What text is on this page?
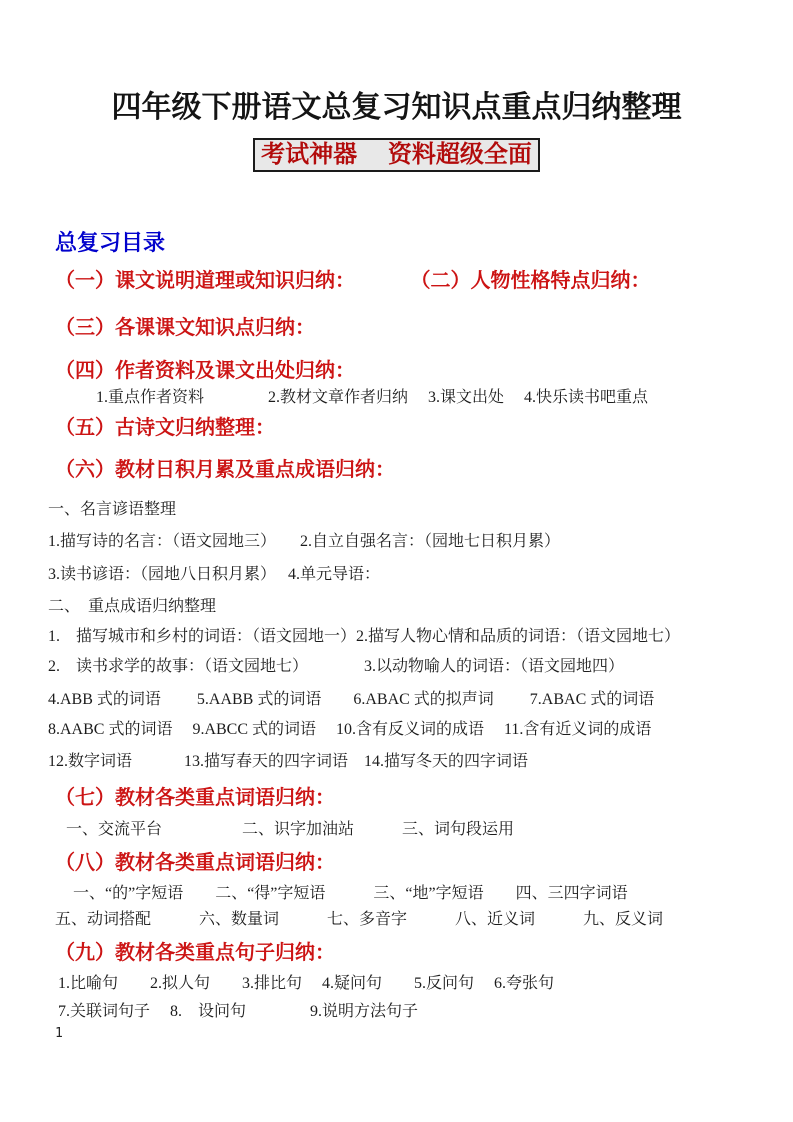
四年级下册语文总复习知识点重点归纳整理
考试神器　 资料超级全面
总复习目录
（一）课文说明道理或知识归纳：　　　 （二）人物性格特点归纳：
（三）各课课文知识点归纳：
（四）作者资料及课文出处归纳：
1.重点作者资料　　　　2.教材文章作者归纳　 3.课文出处　 4.快乐读书吧重点
（五）古诗文归纳整理：
（六）教材日积月累及重点成语归纳：
一、名言谚语整理
1.描写诗的名言：（语文园地三）　　2.自立自强名言：（园地七日积月累）
3.读书谚语：（园地八日积月累）　 4.单元导语：
二、　重点成语归纳整理
1.　描写城市和乡村的词语：（语文园地一）2.描写人物心情和品质的词语：（语文园地七）
2.　读书求学的故事：（语文园地七）　　　　3.以动物喻人的词语：（语文园地四）
4.ABB 式的词语　　 5.AABB 式的词语　　6.ABAC 式的拟声词　　 7.ABAC 式的词语
8.AABC 式的词语　 9.ABCC 式的词语　 10.含有反义词的成语　 11.含有近义词的成语
12.数字词语　　　 13.描写春天的四字词语　14.描写冬天的四字词语
（七）教材各类重点词语归纳：
一、交流平台　　　　　二、识字加油站　　　三、词句段运用
（八）教材各类重点词语归纳：
一、“的”字短语　　二、“得”字短语　　　三、“地”字短语　　四、三四字词语
五、动词搭配　　　六、数量词　　　七、多音字　　　八、近义词　　　九、反义词
（九）教材各类重点句子归纳：
1.比喻句　　2.拟人句　　3.排比句　 4.疑问句　　5.反问句　 6.夸张句
7.关联词句子　 8.　设问句　　　　9.说明方法句子
1
